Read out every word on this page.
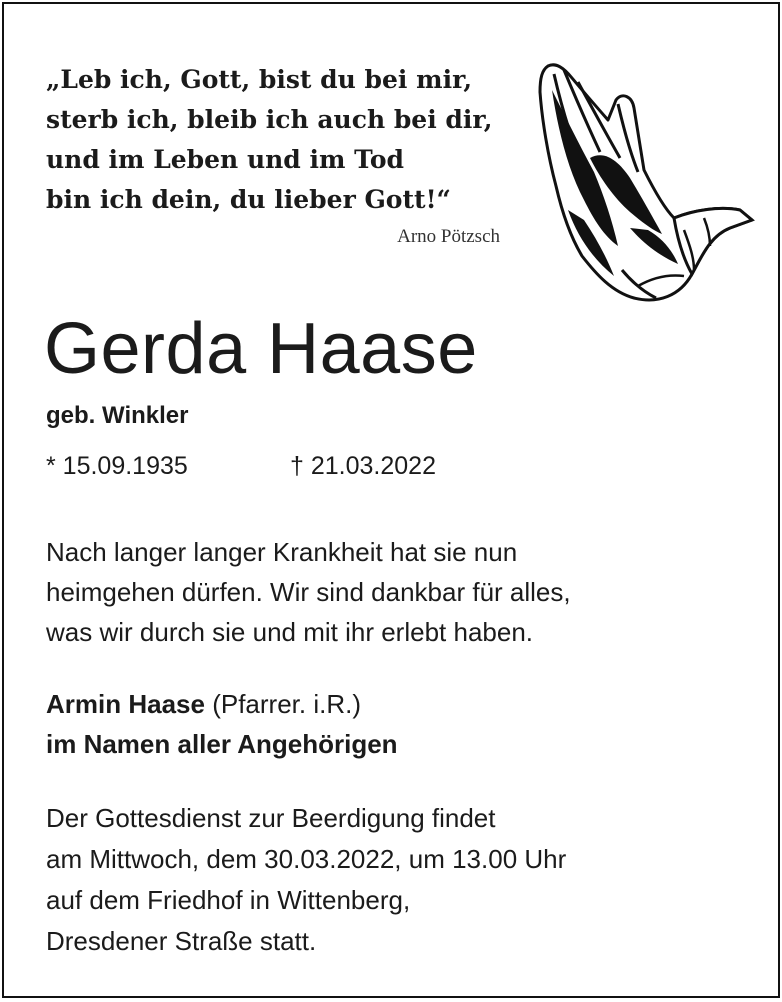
„Leb ich, Gott, bist du bei mir,
sterb ich, bleib ich auch bei dir,
und im Leben und im Tod
bin ich dein, du lieber Gott!“
Arno Pötzsch
Gerda Haase
geb. Winkler
* 15.09.1935	† 21.03.2022
Nach langer langer Krankheit hat sie nun
heimgehen dürfen. Wir sind dankbar für alles,
was wir durch sie und mit ihr erlebt haben.
Armin Haase (Pfarrer. i.R.)
im Namen aller Angehörigen
Der Gottesdienst zur Beerdigung findet
am Mittwoch, dem 30.03.2022, um 13.00 Uhr
auf dem Friedhof in Wittenberg,
Dresdener Straße statt.
